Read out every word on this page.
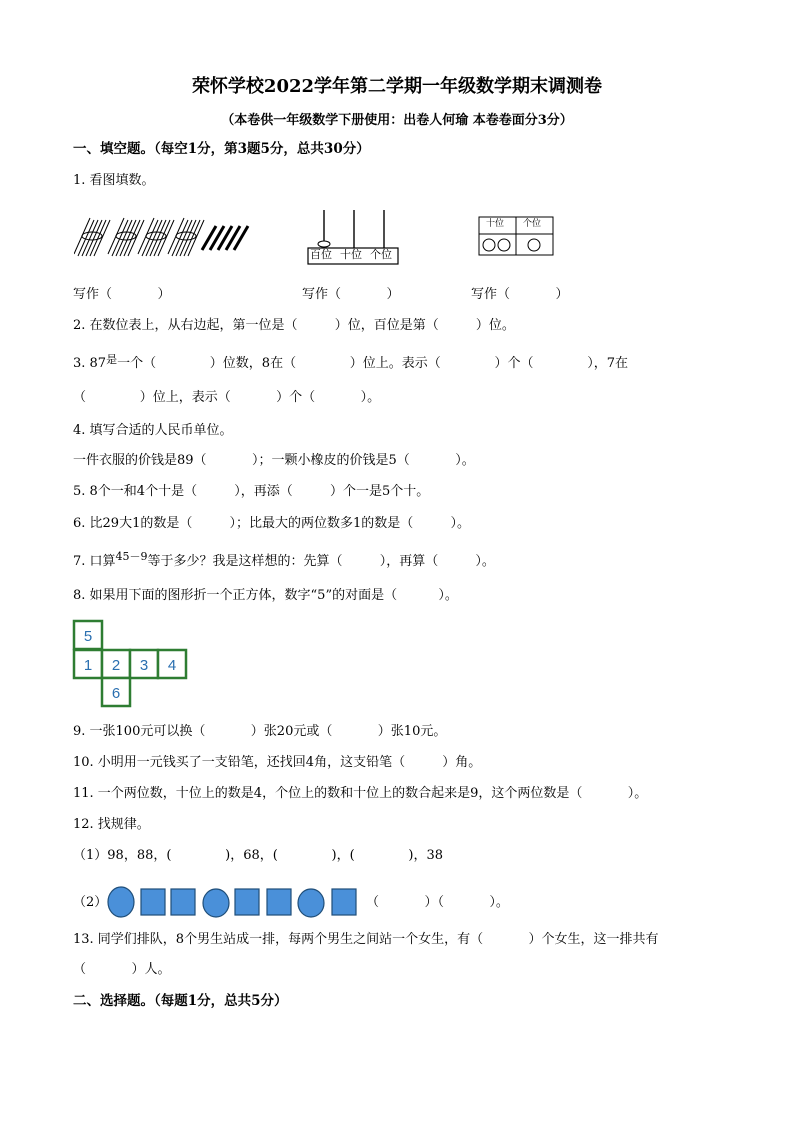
荣怀学校2022学年第二学期一年级数学期末调测卷
（本卷供一年级数学下册使用：出卷人何瑜 本卷卷面分3分）
一、填空题。（每空1分，第3题5分，总共30分）
1. 看图填数。
百位 十位 个位
十位 个位
写作（           ）	写作（           ）	写作（           ）
2. 在数位表上，从右边起，第一位是（         ）位，百位是第（         ）位。
3. $87^是$一个（             ）位数，8在（             ）位上。表示（             ）个（             ），7在
（             ）位上，表示（           ）个（           ）。
4. 填写合适的人民币单位。
一件衣服的价钱是89（           ）；一颗小橡皮的价钱是5（           ）。
5. 8个一和4个十是（         ），再添（         ）个一是5个十。
6. 比29大1的数是（         ）；比最大的两位数多1的数是（         ）。
7. 口算$^{45-9}$等于多少？我是这样想的：先算（         ），再算（         ）。
8. 如果用下面的图形折一个正方体，数字“5”的对面是（          ）。
5
1 2 3 4
6
9. 一张100元可以换（           ）张20元或（           ）张10元。
10. 小明用一元钱买了一支铅笔，还找回4角，这支铅笔（         ）角。
11. 一个两位数，十位上的数是4，个位上的数和十位上的数合起来是9，这个两位数是（           ）。
12. 找规律。
（1）98，88，(             )，68，(             )，(             )，38
（2）	（           ）（           ）。
13. 同学们排队，8个男生站成一排，每两个男生之间站一个女生，有（           ）个女生，这一排共有
（           ）人。
二、选择题。（每题1分，总共5分）
